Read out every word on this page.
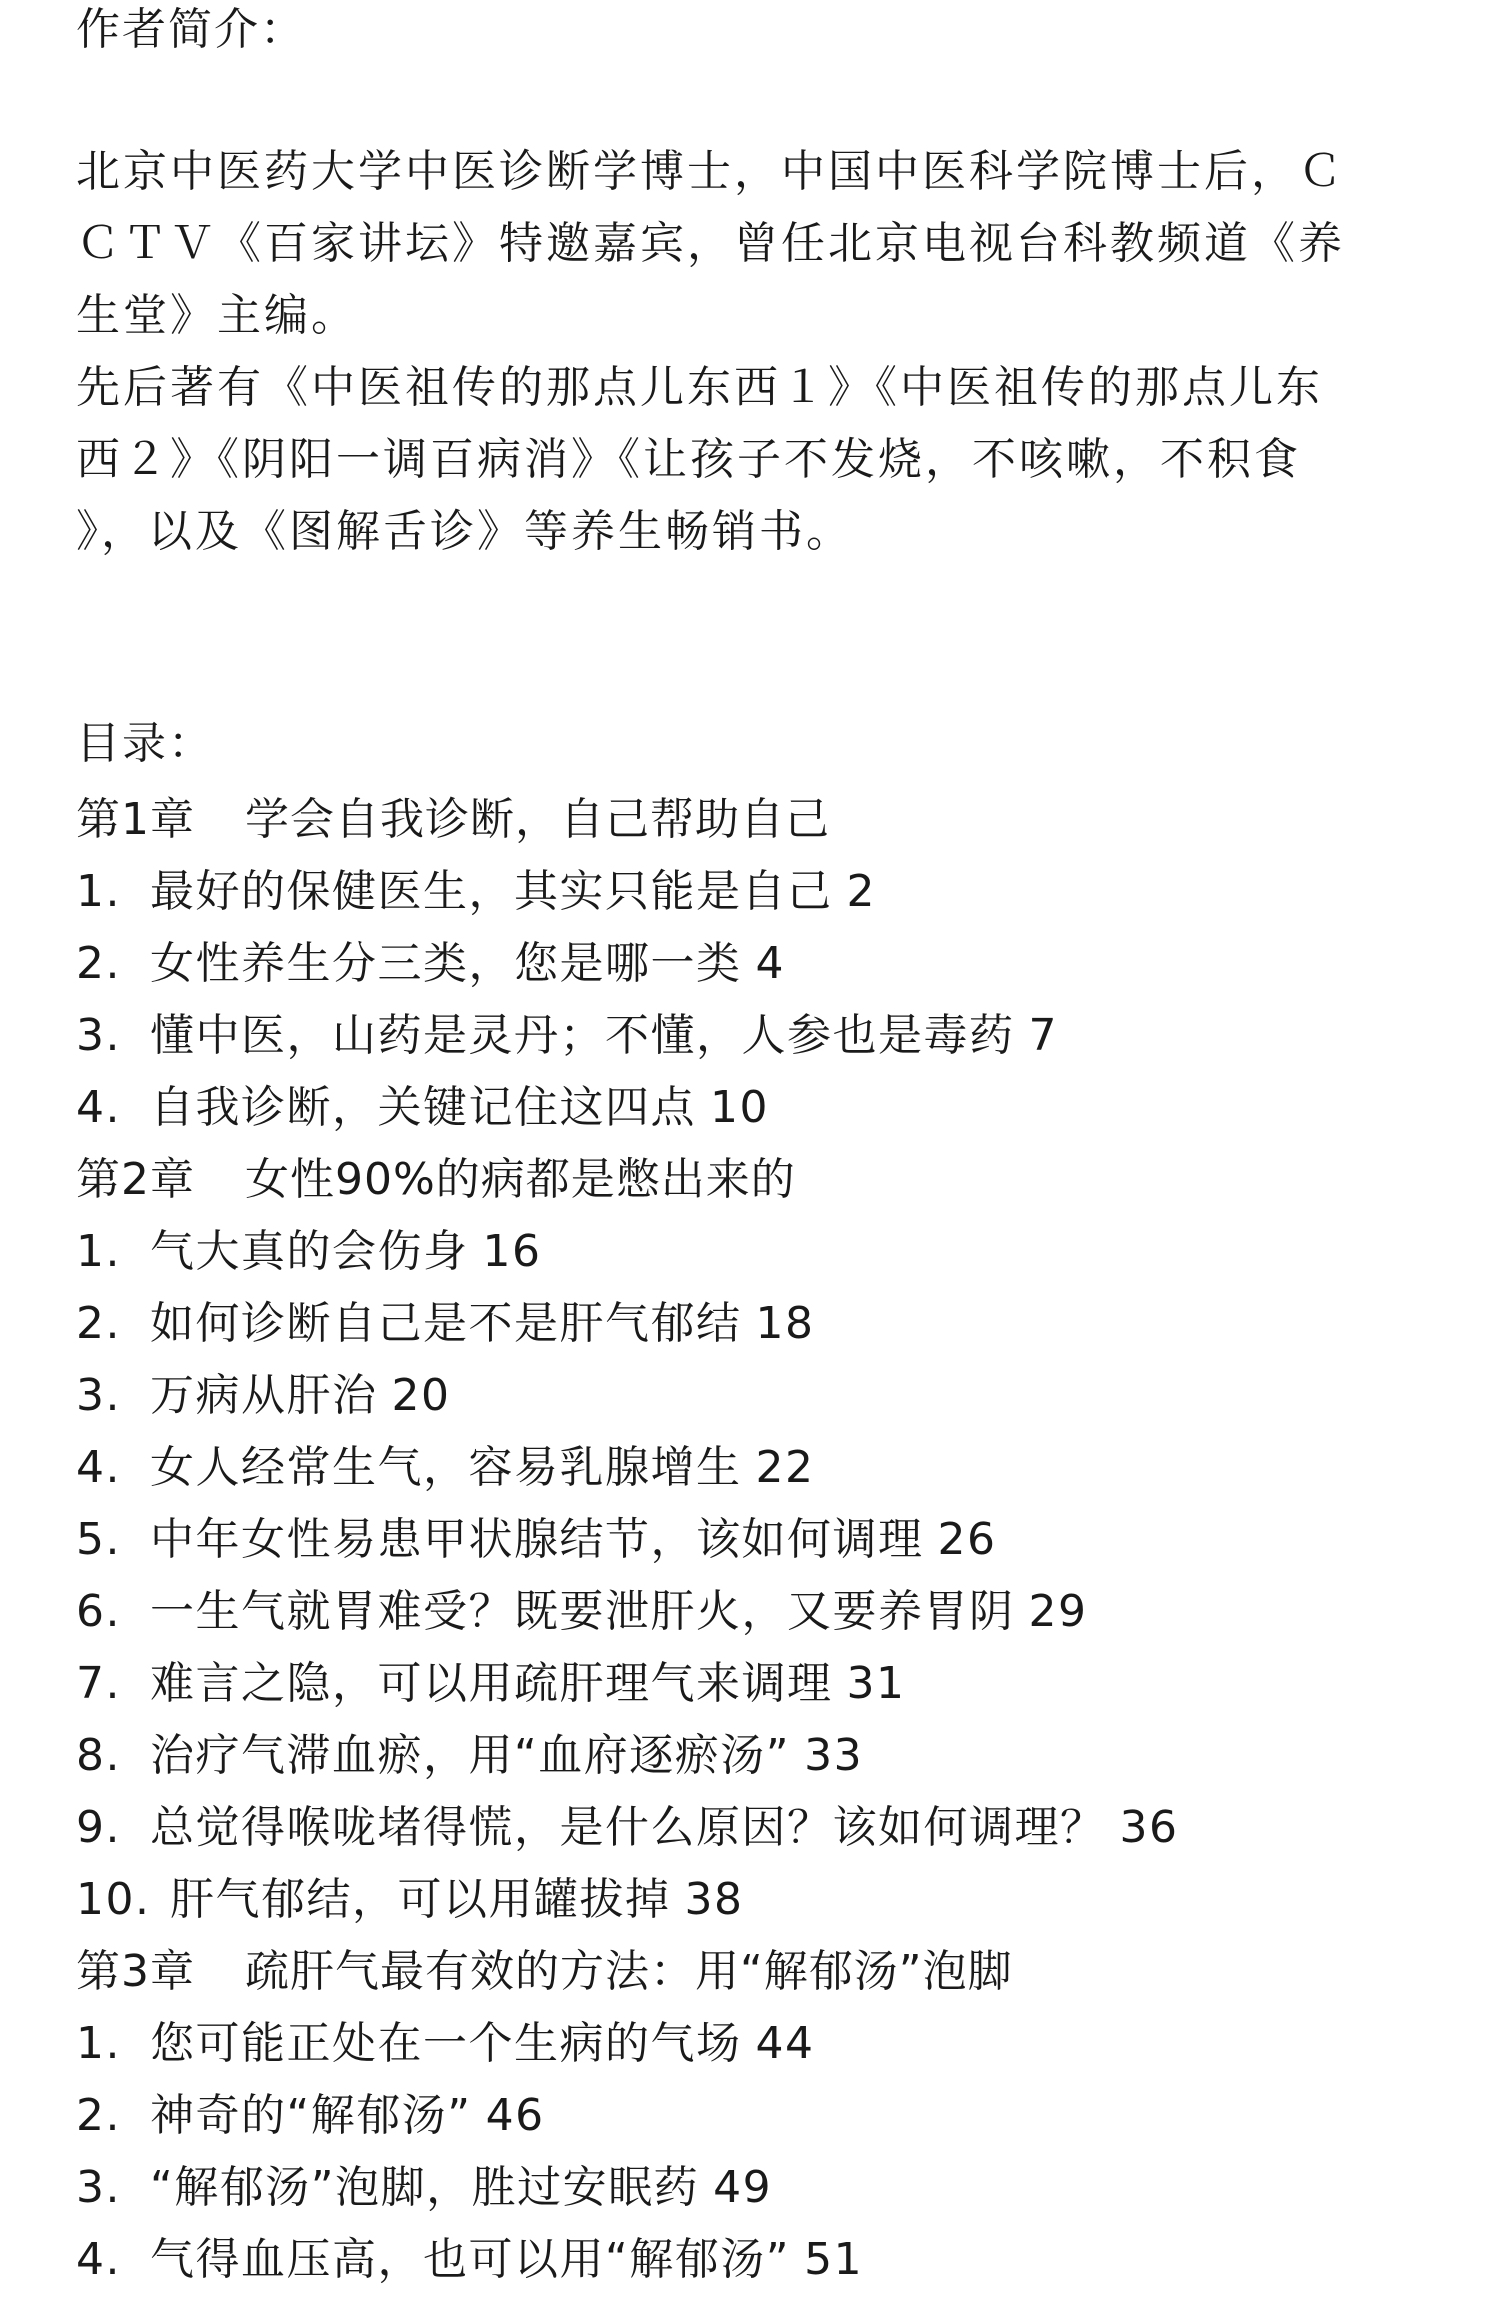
作者简介：
北京中医药大学中医诊断学博士，中国中医科学院博士后，Ｃ
ＣＴＶ《百家讲坛》特邀嘉宾，曾任北京电视台科教频道《养
生堂》主编。
先后著有《中医祖传的那点儿东西１》《中医祖传的那点儿东
西２》《阴阳一调百病消》《让孩子不发烧，不咳嗽，不积食
》，以及《图解舌诊》等养生畅销书。
目录：
第1章 学会自我诊断，自己帮助自己
1. 最好的保健医生，其实只能是自己 2
2. 女性养生分三类，您是哪一类 4
3. 懂中医，山药是灵丹；不懂，人参也是毒药 7
4. 自我诊断，关键记住这四点 10
第2章 女性90%的病都是憋出来的
1. 气大真的会伤身 16
2. 如何诊断自己是不是肝气郁结 18
3. 万病从肝治 20
4. 女人经常生气，容易乳腺增生 22
5. 中年女性易患甲状腺结节，该如何调理 26
6. 一生气就胃难受？既要泄肝火，又要养胃阴 29
7. 难言之隐，可以用疏肝理气来调理 31
8. 治疗气滞血瘀，用“血府逐瘀汤” 33
9. 总觉得喉咙堵得慌，是什么原因？该如何调理？ 36
10. 肝气郁结，可以用罐拔掉 38
第3章 疏肝气最有效的方法：用“解郁汤”泡脚
1. 您可能正处在一个生病的气场 44
2. 神奇的“解郁汤” 46
3. “解郁汤”泡脚，胜过安眠药 49
4. 气得血压高，也可以用“解郁汤” 51
